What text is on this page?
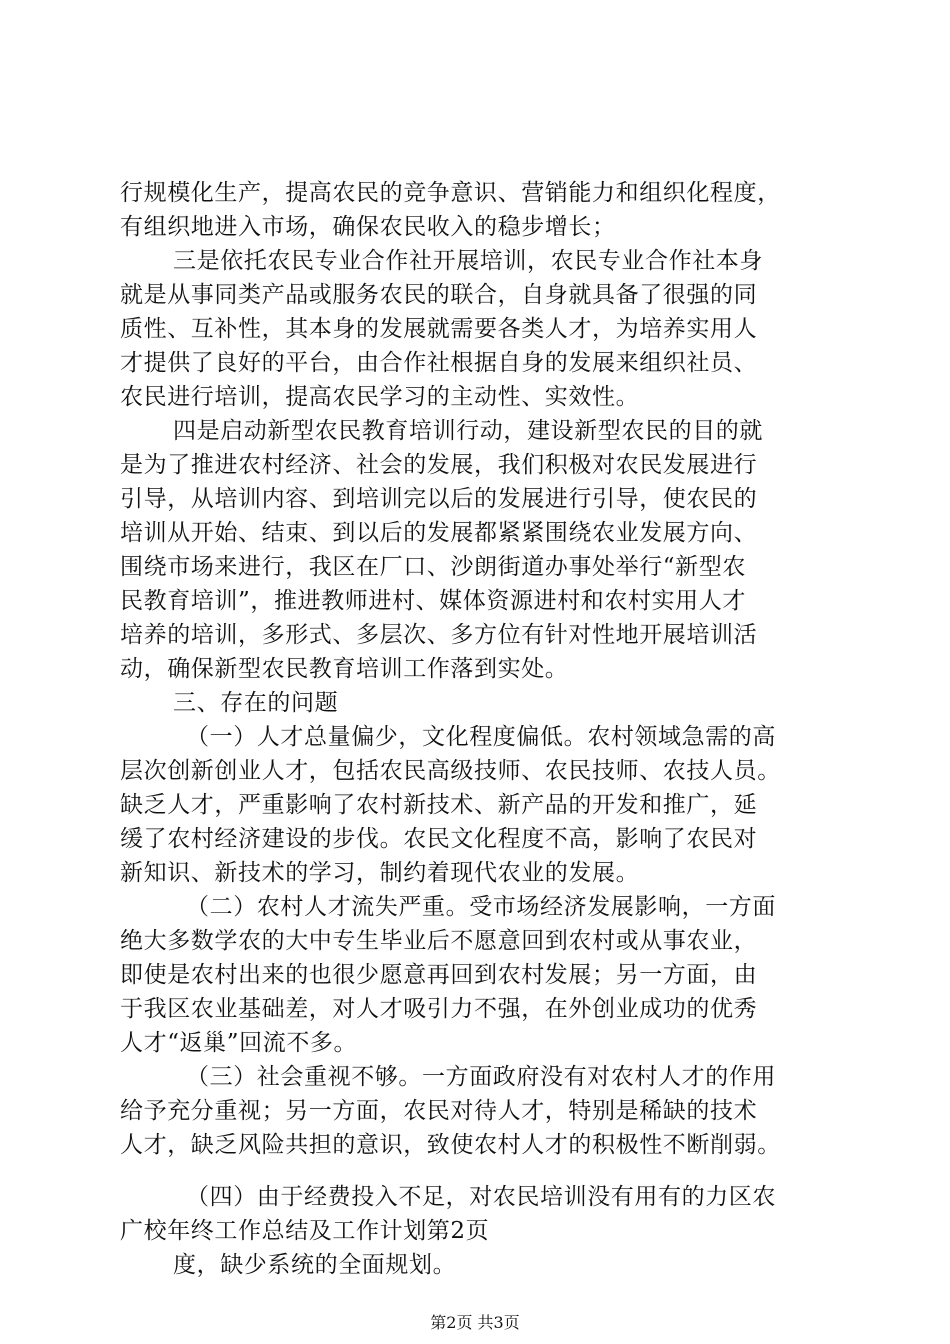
行规模化生产，提高农民的竞争意识、营销能力和组织化程度，
有组织地进入市场，确保农民收入的稳步增长；
三是依托农民专业合作社开展培训，农民专业合作社本身
就是从事同类产品或服务农民的联合，自身就具备了很强的同
质性、互补性，其本身的发展就需要各类人才，为培养实用人
才提供了良好的平台，由合作社根据自身的发展来组织社员、
农民进行培训，提高农民学习的主动性、实效性。
四是启动新型农民教育培训行动，建设新型农民的目的就
是为了推进农村经济、社会的发展，我们积极对农民发展进行
引导，从培训内容、到培训完以后的发展进行引导，使农民的
培训从开始、结束、到以后的发展都紧紧围绕农业发展方向、
围绕市场来进行，我区在厂口、沙朗街道办事处举行“新型农
民教育培训”，推进教师进村、媒体资源进村和农村实用人才
培养的培训，多形式、多层次、多方位有针对性地开展培训活
动，确保新型农民教育培训工作落到实处。
三、存在的问题
（一）人才总量偏少，文化程度偏低。农村领域急需的高
层次创新创业人才，包括农民高级技师、农民技师、农技人员。
缺乏人才，严重影响了农村新技术、新产品的开发和推广，延
缓了农村经济建设的步伐。农民文化程度不高，影响了农民对
新知识、新技术的学习，制约着现代农业的发展。
（二）农村人才流失严重。受市场经济发展影响，一方面
绝大多数学农的大中专生毕业后不愿意回到农村或从事农业，
即使是农村出来的也很少愿意再回到农村发展；另一方面，由
于我区农业基础差，对人才吸引力不强，在外创业成功的优秀
人才“返巢”回流不多。
（三）社会重视不够。一方面政府没有对农村人才的作用
给予充分重视；另一方面，农民对待人才，特别是稀缺的技术
人才，缺乏风险共担的意识，致使农村人才的积极性不断削弱。
（四）由于经费投入不足，对农民培训没有用有的力区农
广校年终工作总结及工作计划第2页
度，缺少系统的全面规划。
第2页 共3页
